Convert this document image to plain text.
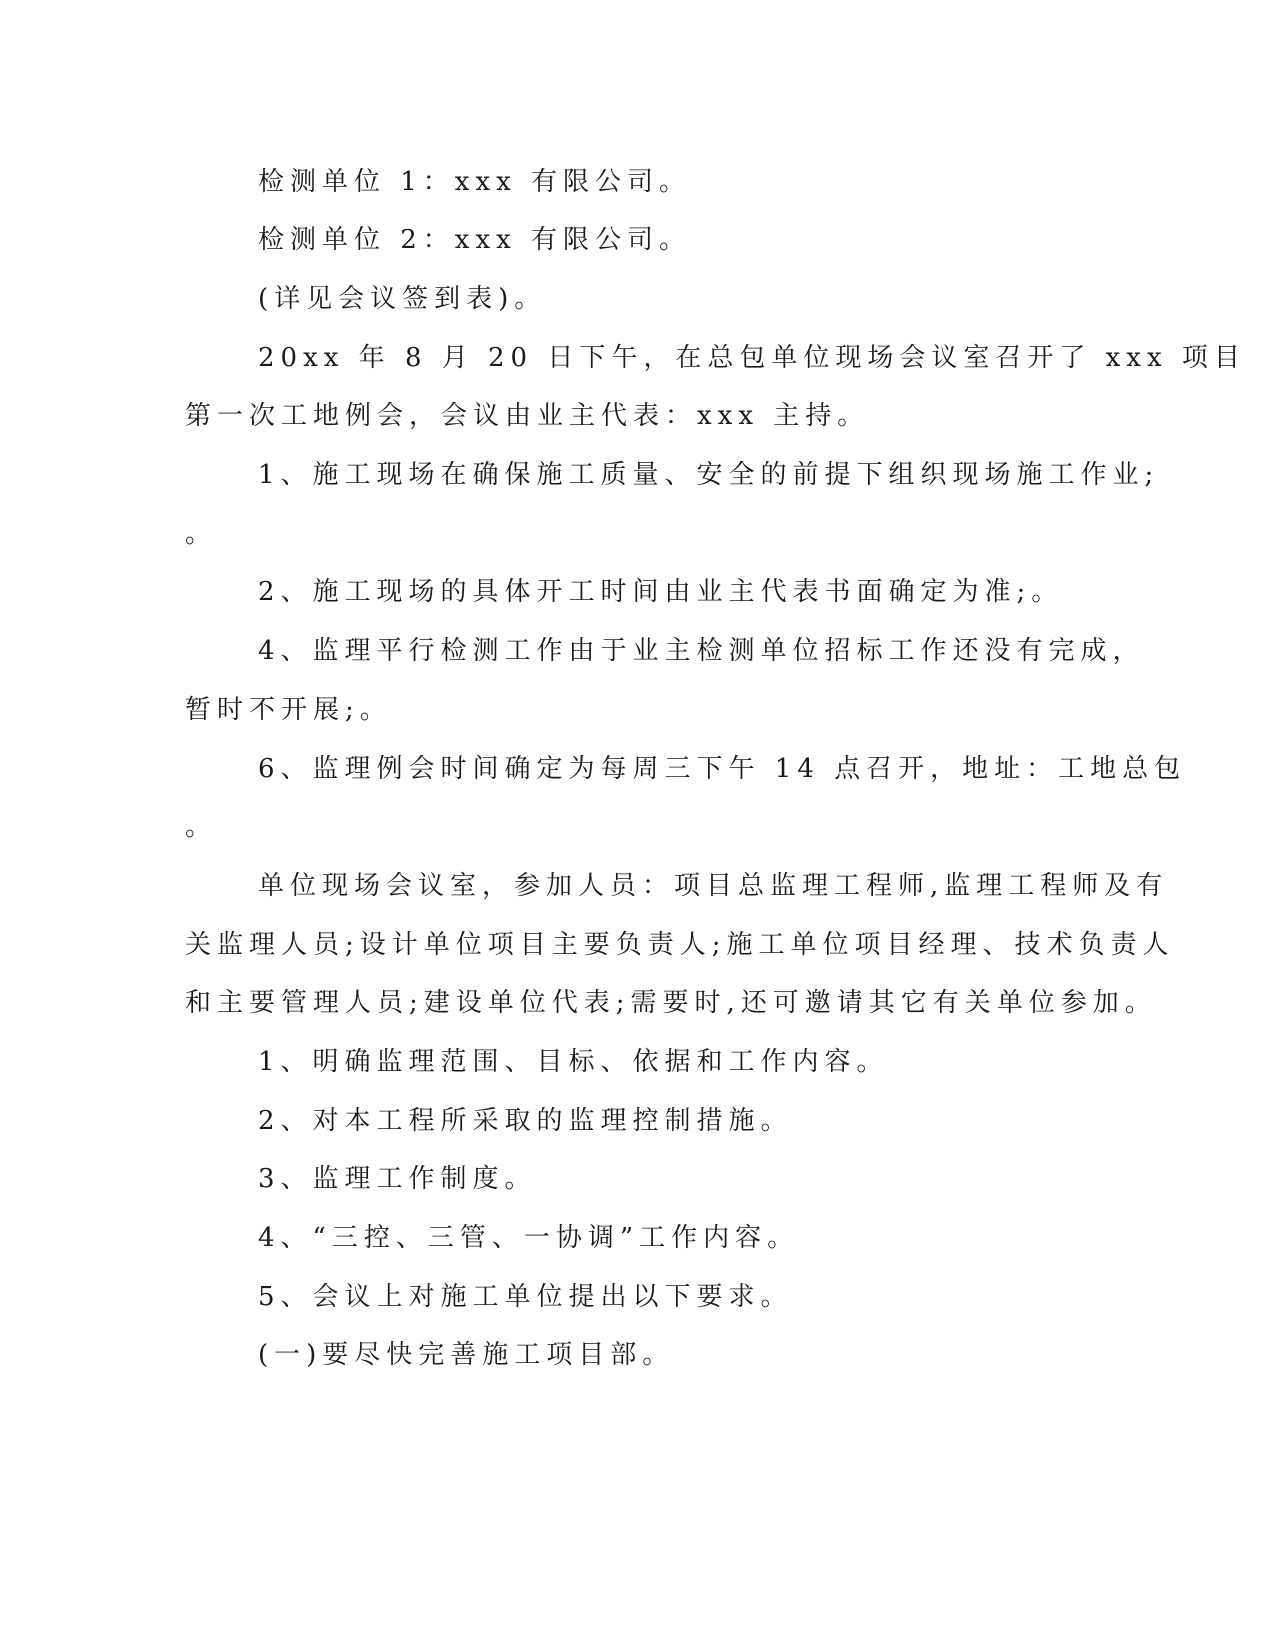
检测单位 1：xxx 有限公司。

检测单位 2：xxx 有限公司。

(详见会议签到表)。

20xx 年 8 月 20 日下午，在总包单位现场会议室召开了 xxx 项目

第一次工地例会，会议由业主代表：xxx 主持。

1、施工现场在确保施工质量、安全的前提下组织现场施工作业;

。

2、施工现场的具体开工时间由业主代表书面确定为准;。

4、监理平行检测工作由于业主检测单位招标工作还没有完成，

暂时不开展;。

6、监理例会时间确定为每周三下午 14 点召开，地址：工地总包

。

单位现场会议室，参加人员：项目总监理工程师,监理工程师及有

关监理人员;设计单位项目主要负责人;施工单位项目经理、技术负责人

和主要管理人员;建设单位代表;需要时,还可邀请其它有关单位参加。

1、明确监理范围、目标、依据和工作内容。

2、对本工程所采取的监理控制措施。

3、监理工作制度。

4、“三控、三管、一协调”工作内容。

5、会议上对施工单位提出以下要求。

(一)要尽快完善施工项目部。
